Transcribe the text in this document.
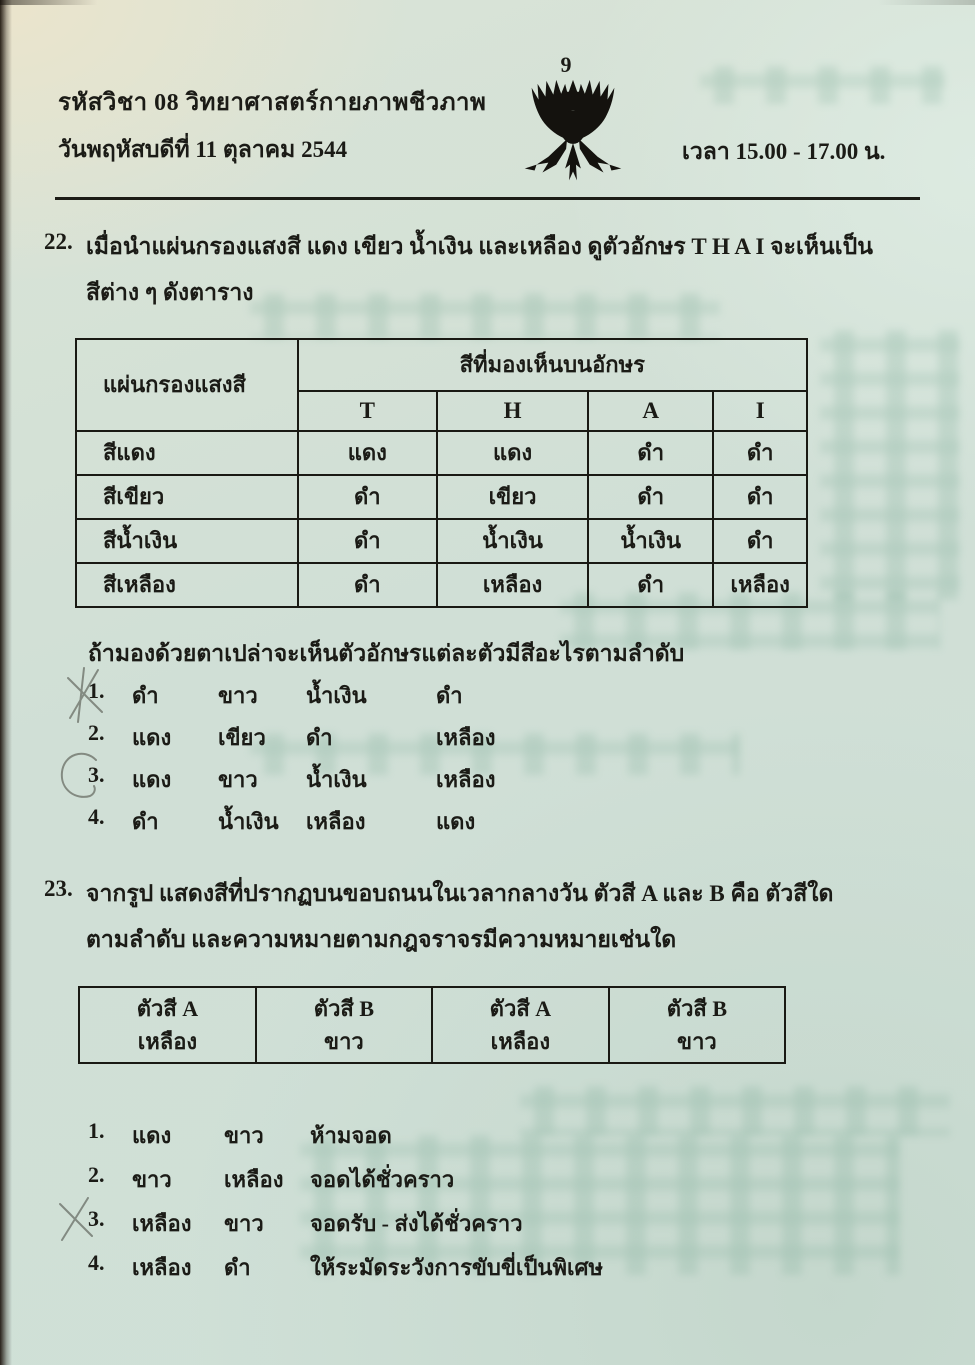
9
รหัสวิชา 08 วิทยาศาสตร์กายภาพชีวภาพ
วันพฤหัสบดีที่ 11 ตุลาคม 2544	เวลา 15.00 - 17.00 น.
22. เมื่อนำแผ่นกรองแสงสี แดง เขียว น้ำเงิน และเหลือง ดูตัวอักษร T H A I จะเห็นเป็น
สีต่าง ๆ ดังตาราง
แผ่นกรองแสงสี	สีที่มองเห็นบนอักษร			
	T	H	A	I
สีแดง	แดง	แดง	ดำ	ดำ
สีเขียว	ดำ	เขียว	ดำ	ดำ
สีน้ำเงิน	ดำ	น้ำเงิน	น้ำเงิน	ดำ
สีเหลือง	ดำ	เหลือง	ดำ	เหลือง
ถ้ามองด้วยตาเปล่าจะเห็นตัวอักษรแต่ละตัวมีสีอะไรตามลำดับ
1.	ดำ	ขาว	น้ำเงิน	ดำ
2.	แดง	เขียว	ดำ	เหลือง
3.	แดง	ขาว	น้ำเงิน	เหลือง
4.	ดำ	น้ำเงิน	เหลือง	แดง
23. จากรูป แสดงสีที่ปรากฏบนขอบถนนในเวลากลางวัน ตัวสี A และ B คือ ตัวสีใด
ตามลำดับ และความหมายตามกฎจราจรมีความหมายเช่นใด
ตัวสี A
เหลือง

ตัวสี B
ขาว

ตัวสี A
เหลือง

ตัวสี B
ขาว
1.	แดง	ขาว	ห้ามจอด
2.	ขาว	เหลือง	จอดได้ชั่วคราว
3.	เหลือง	ขาว	จอดรับ - ส่งได้ชั่วคราว
4.	เหลือง	ดำ	ให้ระมัดระวังการขับขี่เป็นพิเศษ
